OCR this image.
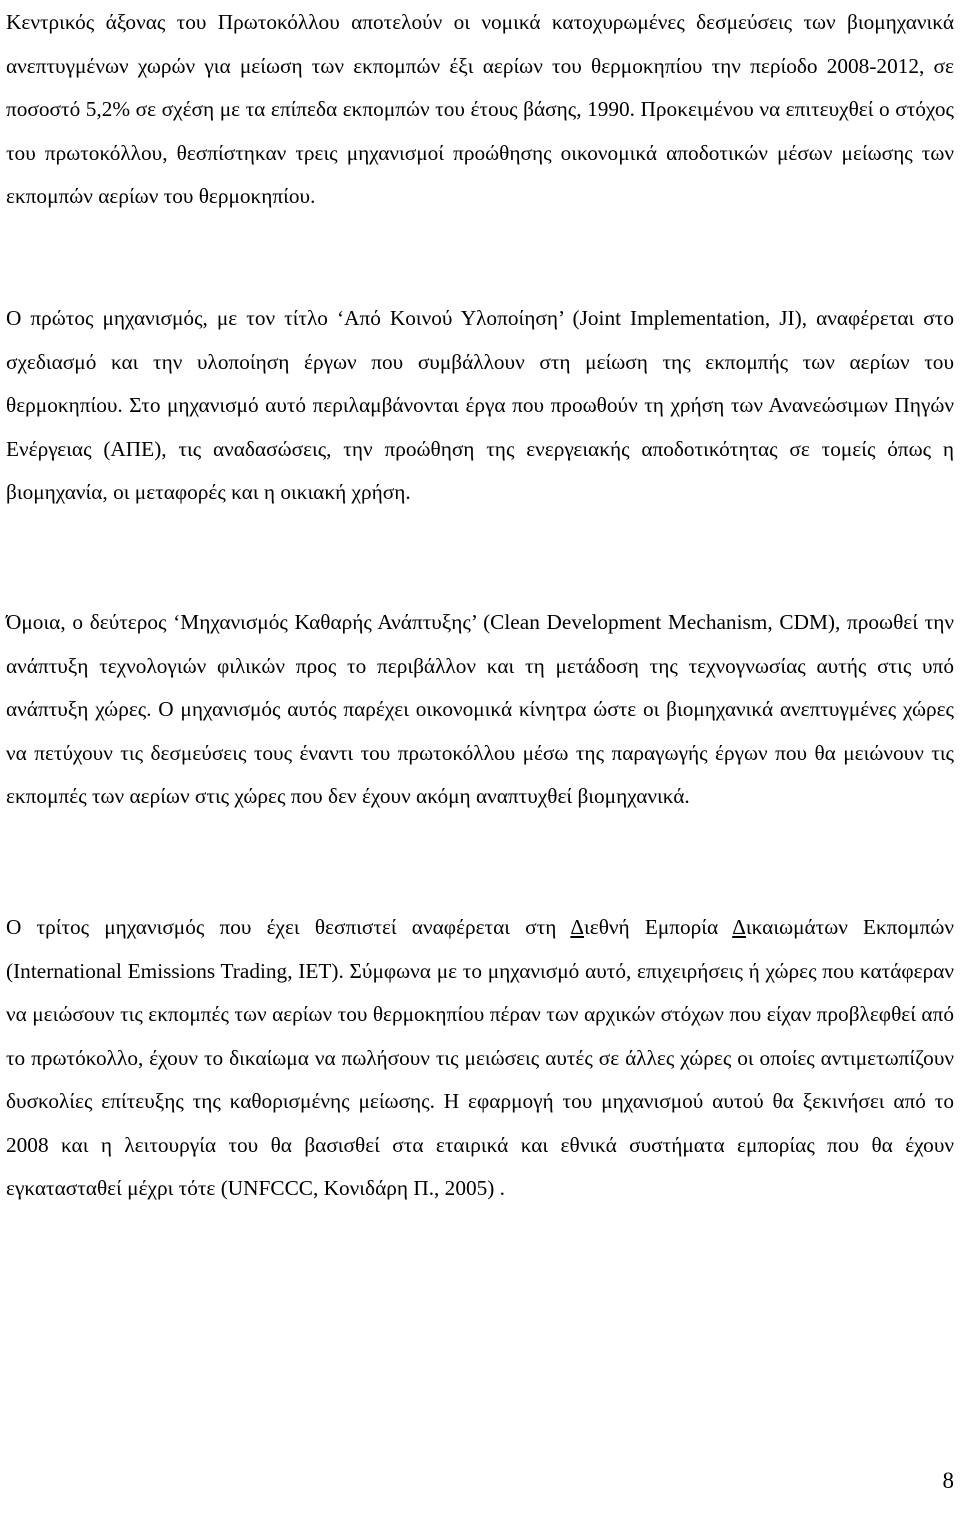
Κεντρικός άξονας του Πρωτοκόλλου αποτελούν οι νομικά κατοχυρωμένες δεσμεύσεις των βιομηχανικά ανεπτυγμένων χωρών για μείωση των εκπομπών έξι αερίων του θερμοκηπίου την περίοδο 2008-2012, σε ποσοστό 5,2% σε σχέση με τα επίπεδα εκπομπών του έτους βάσης, 1990. Προκειμένου να επιτευχθεί ο στόχος του πρωτοκόλλου, θεσπίστηκαν τρεις μηχανισμοί προώθησης οικονομικά αποδοτικών μέσων μείωσης των εκπομπών αερίων του θερμοκηπίου.

Ο πρώτος μηχανισμός, με τον τίτλο ‘Από Κοινού Υλοποίηση’ (Joint Implementation, JI), αναφέρεται στο σχεδιασμό και την υλοποίηση έργων που συμβάλλουν στη μείωση της εκπομπής των αερίων του θερμοκηπίου. Στο μηχανισμό αυτό περιλαμβάνονται έργα που προωθούν τη χρήση των Ανανεώσιμων Πηγών Ενέργειας (ΑΠΕ), τις αναδασώσεις, την προώθηση της ενεργειακής αποδοτικότητας σε τομείς όπως η βιομηχανία, οι μεταφορές και η οικιακή χρήση.

Όμοια, ο δεύτερος ‘Μηχανισμός Καθαρής Ανάπτυξης’ (Clean Development Mechanism, CDM), προωθεί την ανάπτυξη τεχνολογιών φιλικών προς το περιβάλλον και τη μετάδοση της τεχνογνωσίας αυτής στις υπό ανάπτυξη χώρες. Ο μηχανισμός αυτός παρέχει οικονομικά κίνητρα ώστε οι βιομηχανικά ανεπτυγμένες χώρες να πετύχουν τις δεσμεύσεις τους έναντι του πρωτοκόλλου μέσω της παραγωγής έργων που θα μειώνουν τις εκπομπές των αερίων στις χώρες που δεν έχουν ακόμη αναπτυχθεί βιομηχανικά.

Ο τρίτος μηχανισμός που έχει θεσπιστεί αναφέρεται στη Διεθνή Εμπορία Δικαιωμάτων Εκπομπών (International Emissions Trading, IET). Σύμφωνα με το μηχανισμό αυτό, επιχειρήσεις ή χώρες που κατάφεραν να μειώσουν τις εκπομπές των αερίων του θερμοκηπίου πέραν των αρχικών στόχων που είχαν προβλεφθεί από το πρωτόκολλο, έχουν το δικαίωμα να πωλήσουν τις μειώσεις αυτές σε άλλες χώρες οι οποίες αντιμετωπίζουν δυσκολίες επίτευξης της καθορισμένης μείωσης. Η εφαρμογή του μηχανισμού αυτού θα ξεκινήσει από το 2008 και η λειτουργία του θα βασισθεί στα εταιρικά και εθνικά συστήματα εμπορίας που θα έχουν εγκατασταθεί μέχρι τότε (UNFCCC, Κονιδάρη Π., 2005) .

8
